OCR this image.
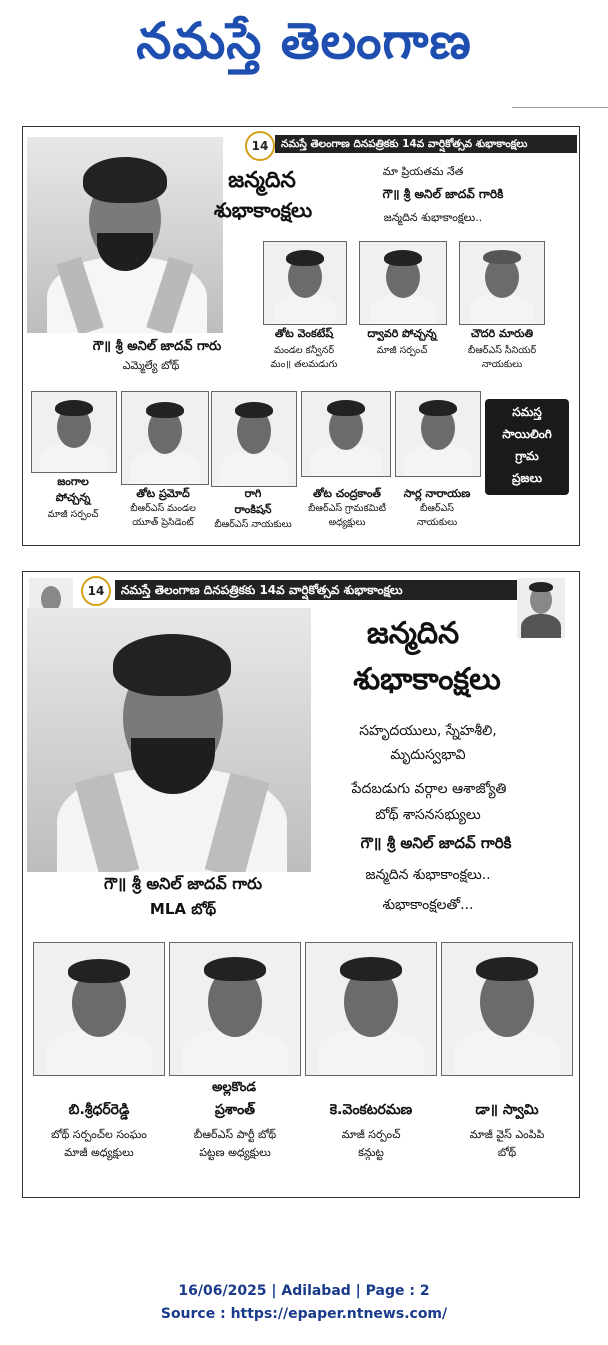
నమస్తే తెలంగాణ
14	నమస్తే తెలంగాణ దినపత్రికకు 14వ వార్షికోత్సవ శుభాకాంక్షలు
గౌ॥ శ్రీ అనిల్ జాదవ్ గారు
ఎమ్మెల్యే బోథ్
జన్మదిన
శుభాకాంక్షలు
మా ప్రియతమ నేత
గౌ॥ శ్రీ అనిల్ జాదవ్ గారికి
జన్మదిన శుభాకాంక్షలు..
తోట వెంకటేష్
మండల కన్వీనర్
మం॥ తలమడుగు
ద్వావరి పోచ్చన్న
మాజీ సర్పంచ్
చౌదరి మారుతి
బీఆర్ఎస్ సీనియర్
నాయకులు
జంగాల
పోచ్చన్న
మాజీ సర్పంచ్
తోట ప్రమోద్
బీఆర్ఎస్ మండల
యూత్ ప్రెసిడెంట్
రాగి
రాంకిషన్
బీఆర్ఎస్ నాయకులు
తోట చంద్రకాంత్
బీఆర్ఎస్ గ్రామకమిటీ
అధ్యక్షులు
సార్ల నారాయణ
బీఆర్ఎస్
నాయకులు
సమస్త
సాయిలింగి
గ్రామ
ప్రజలు
14	నమస్తే తెలంగాణ దినపత్రికకు 14వ వార్షికోత్సవ శుభాకాంక్షలు
గౌ॥ శ్రీ అనిల్ జాదవ్ గారు
MLA బోథ్
జన్మదిన
శుభాకాంక్షలు
సహృదయులు, స్నేహశీలి,
మృదుస్వభావి
పేదబడుగు వర్గాల ఆశాజ్యోతి
బోథ్ శాసనసభ్యులు
గౌ॥ శ్రీ అనిల్ జాదవ్ గారికి
జన్మదిన శుభాకాంక్షలు..
శుభాకాంక్షలతో...
అల్లకొండ
బి.శ్రీధర్‌రెడ్డి
బోథ్ సర్పంచ్‌ల సంఘం
మాజీ అధ్యక్షులు
ప్రశాంత్
బీఆర్ఎస్ పార్టీ బోథ్
పట్టణ అధ్యక్షులు
కె.వెంకటరమణ
మాజీ సర్పంచ్
కన్గుట్ట
డా॥ స్వామి
మాజీ వైస్ ఎంపిపి
బోథ్
16/06/2025 | Adilabad | Page : 2
Source : https://epaper.ntnews.com/
